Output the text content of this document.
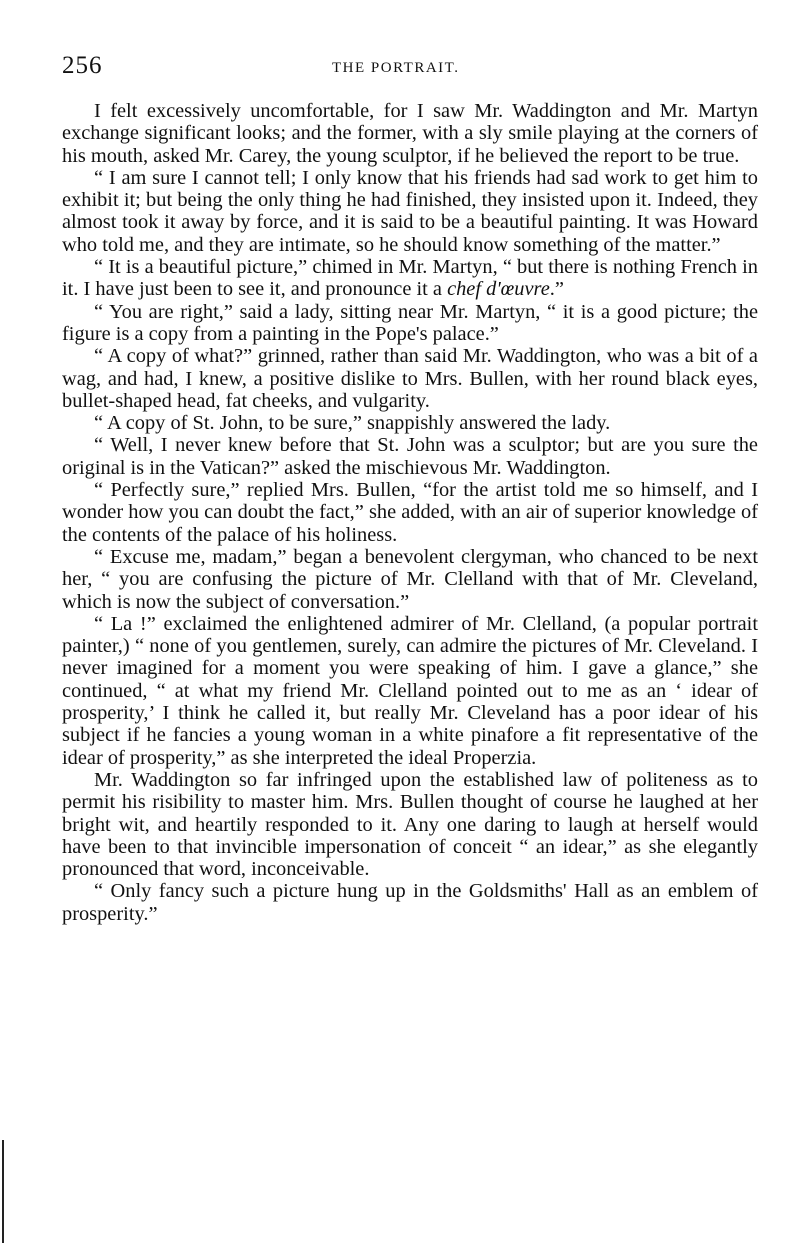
256	THE PORTRAIT.

I felt excessively uncomfortable, for I saw Mr. Waddington and Mr. Martyn exchange significant looks; and the former, with a sly smile playing at the corners of his mouth, asked Mr. Carey, the young sculptor, if he believed the report to be true.

“ I am sure I cannot tell; I only know that his friends had sad work to get him to exhibit it; but being the only thing he had finished, they insisted upon it. Indeed, they almost took it away by force, and it is said to be a beautiful painting. It was Howard who told me, and they are intimate, so he should know something of the matter.”

“ It is a beautiful picture,” chimed in Mr. Martyn, “ but there is nothing French in it. I have just been to see it, and pronounce it a chef d'œuvre.”

“ You are right,” said a lady, sitting near Mr. Martyn, “ it is a good picture; the figure is a copy from a painting in the Pope's palace.”

“ A copy of what?” grinned, rather than said Mr. Waddington, who was a bit of a wag, and had, I knew, a positive dislike to Mrs. Bullen, with her round black eyes, bullet-shaped head, fat cheeks, and vulgarity.

“ A copy of St. John, to be sure,” snappishly answered the lady.

“ Well, I never knew before that St. John was a sculptor; but are you sure the original is in the Vatican?” asked the mischievous Mr. Waddington.

“ Perfectly sure,” replied Mrs. Bullen, “for the artist told me so himself, and I wonder how you can doubt the fact,” she added, with an air of superior knowledge of the contents of the palace of his holiness.

“ Excuse me, madam,” began a benevolent clergyman, who chanced to be next her, “ you are confusing the picture of Mr. Clelland with that of Mr. Cleveland, which is now the subject of conversation.”

“ La !” exclaimed the enlightened admirer of Mr. Clelland, (a popular portrait painter,) “ none of you gentlemen, surely, can admire the pictures of Mr. Cleveland. I never imagined for a moment you were speaking of him. I gave a glance,” she continued, “ at what my friend Mr. Clelland pointed out to me as an ‘ idear of prosperity,’ I think he called it, but really Mr. Cleveland has a poor idear of his subject if he fancies a young woman in a white pinafore a fit representative of the idear of prosperity,” as she interpreted the ideal Properzia.

Mr. Waddington so far infringed upon the established law of politeness as to permit his risibility to master him. Mrs. Bullen thought of course he laughed at her bright wit, and heartily responded to it. Any one daring to laugh at herself would have been to that invincible impersonation of conceit “ an idear,” as she elegantly pronounced that word, inconceivable.

“ Only fancy such a picture hung up in the Goldsmiths' Hall as an emblem of prosperity.”
